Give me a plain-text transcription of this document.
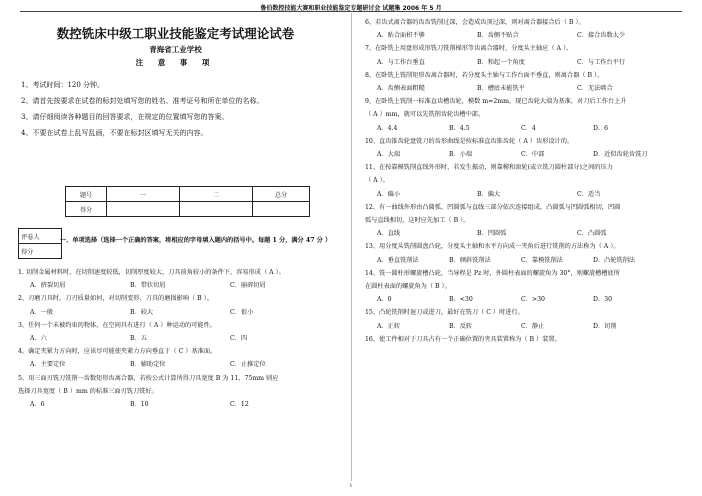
鲁伯数控技能大赛和职业技能鉴定专题研讨会 试题集 2006 年 5 月
数控铣床中级工职业技能鉴定考试理论试卷
青海省工业学校
注 意 事 项
1、考试时间：120 分钟。
2、请首先按要求在试卷的标封处填写您的姓名、准考证号和所在单位的名称。
3、请仔细阅读各种题目的回答要求，在规定的位置填写您的答案。
4、不要在试卷上乱写乱画，不要在标封区填写无关的内容。
题号	一	二	总分
得分			
评卷人
得分
一、单项选择（选择一个正确的答案，将相应的字母填入题内的括号中。每题 1 分，满分 47 分 ）
1. 切削金属材料时，在切削速度较低，切削厚度较大，刀具前角较小的条件下，容易形成（ A ）。
A．挤裂切屑	B．带状切屑	C．崩碎切屑
2、刃磨刀具时，刀刃质量如何，对切削变形、刀具的磨损影响（ B ）。
A．一般	B．较大	C．很小
3、任何一个未被约束的物体，在空间具有进行（ A ）种运动的可能性。
A．六	B．五	C．四
4、确定夹紧力方向时，应该尽可能使夹紧力方向垂直于（ C ）基准面。
A．主要定位	B．辅助定位	C．止推定位
5、用三面刃铣刀铣削一齿数矩形齿离合器，若按公式计算所得刀具宽度 B 为 11、75mm 则应
选择刀具宽度（ B ）mm 的标准三面刃铣刀铣好。
A．6	B．10	C．12
6、若齿式离合器的齿齿铣削过深，会造成齿顶过深，则对离合器接合后（ B ）。
A．贴合面积不够	B．齿侧不贴合	C．接合齿数太少
7、在卧铣上用盘形成形铣刀铣削梯形等齿离合器时，分度头主轴应（ A ）。
A．与工作台垂直	B．和起一个角度	C．与工作台平行
8、在卧铣上铣削矩形齿离合器时，若分度头主轴与工作台面不垂直，则离合器（ B ）。
A．齿侧表面粗糙	B．槽底未能铣平	C．无法啮合
9、在卧铣上铣削一标准直齿槽齿轮，模数 m=2mm，现已齿轮大端为基准，对刀后工作台上升
（ A ）mm，就可以先铣削齿轮齿槽中部。
A．4.4	B．4.5	C．4	D．6
10、直齿锥齿轮盘铣刀的齿形曲线是按标准直齿锥齿轮（ A ）齿形设计的。
A．大端	B．小端	C．中部	D．近似齿轮齿铣刀
11、在按靠模铣削直线外形时，若发生振动，则靠模和滚轮(或立铣刀圆柱部分)之间的压力
（ A ）。
A．偏小	B．偏大	C．适当
12、有一曲线外形由凸圆弧、凹圆弧与直线三部分依次连接组成，凸圆弧与凹圆弧相切，凹圆
弧与直线相切，这时应先加工（ B ）。
A．直线	B．凹圆弧	C．凸圆弧
13、用分度头铣削圆盘凸轮，分度头主轴和水平方向成一夹角后进行铣削的方法称为（ A ）。
A．垂直铣削法	B．倾斜铣削法	C．靠模铣削法	D．凸轮铣削法
14、铣一圆柱形螺旋槽凸轮，当导程是 Pz 时，外圆柱表面的螺旋角为 30°，则螺旋槽槽底所
在圆柱表面的螺旋角为（ B ）。
A．0	B．<30	C．>30	D．30
15、凸轮铣削时退刀或进刀，最好在铣刀（ C ）时进行。
A．正转	B．反转	C．静止	D．切削
16、使工件相对于刀具占有一个正确位置的夹具装置称为（ B ）装置。
1
